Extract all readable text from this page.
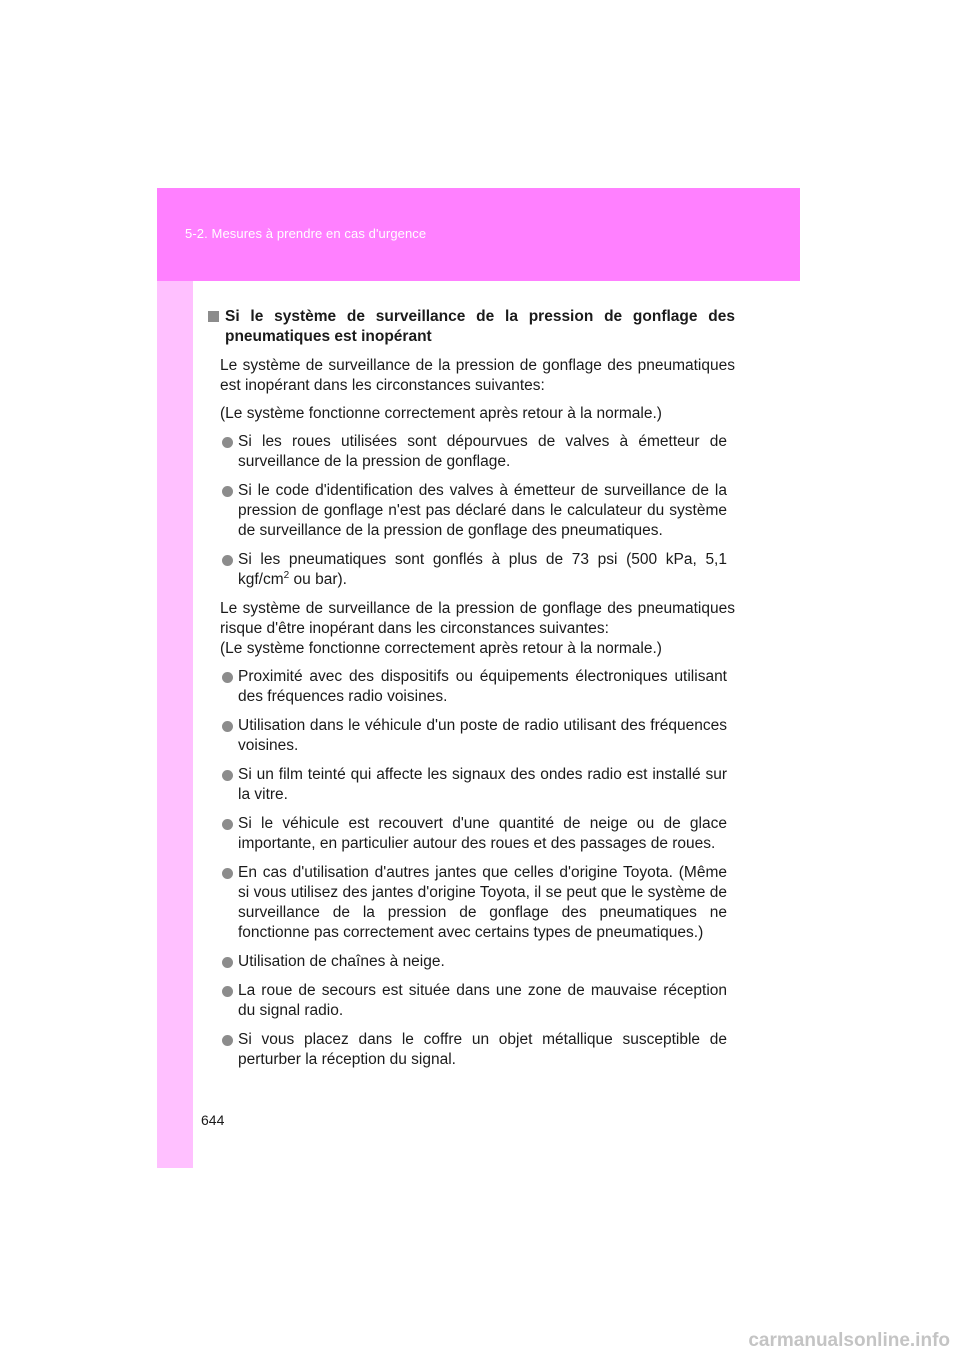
5-2. Mesures à prendre en cas d'urgence
Si le système de surveillance de la pression de gonflage des pneumatiques est inopérant
Le système de surveillance de la pression de gonflage des pneumatiques est inopérant dans les circonstances suivantes:
(Le système fonctionne correctement après retour à la normale.)
Si les roues utilisées sont dépourvues de valves à émetteur de surveillance de la pression de gonflage.
Si le code d'identification des valves à émetteur de surveillance de la pression de gonflage n'est pas déclaré dans le calculateur du système de surveillance de la pression de gonflage des pneumatiques.
Si les pneumatiques sont gonflés à plus de 73 psi (500 kPa, 5,1 kgf/$cm^2$ ou bar).
Le système de surveillance de la pression de gonflage des pneumatiques risque d'être inopérant dans les circonstances suivantes:
(Le système fonctionne correctement après retour à la normale.)
Proximité avec des dispositifs ou équipements électroniques utilisant des fréquences radio voisines.
Utilisation dans le véhicule d'un poste de radio utilisant des fréquences voisines.
Si un film teinté qui affecte les signaux des ondes radio est installé sur la vitre.
Si le véhicule est recouvert d'une quantité de neige ou de glace importante, en particulier autour des roues et des passages de roues.
En cas d'utilisation d'autres jantes que celles d'origine Toyota. (Même si vous utilisez des jantes d'origine Toyota, il se peut que le système de surveillance de la pression de gonflage des pneumatiques ne fonctionne pas correctement avec certains types de pneumatiques.)
Utilisation de chaînes à neige.
La roue de secours est située dans une zone de mauvaise réception du signal radio.
Si vous placez dans le coffre un objet métallique susceptible de perturber la réception du signal.
644
carmanualsonline.info
